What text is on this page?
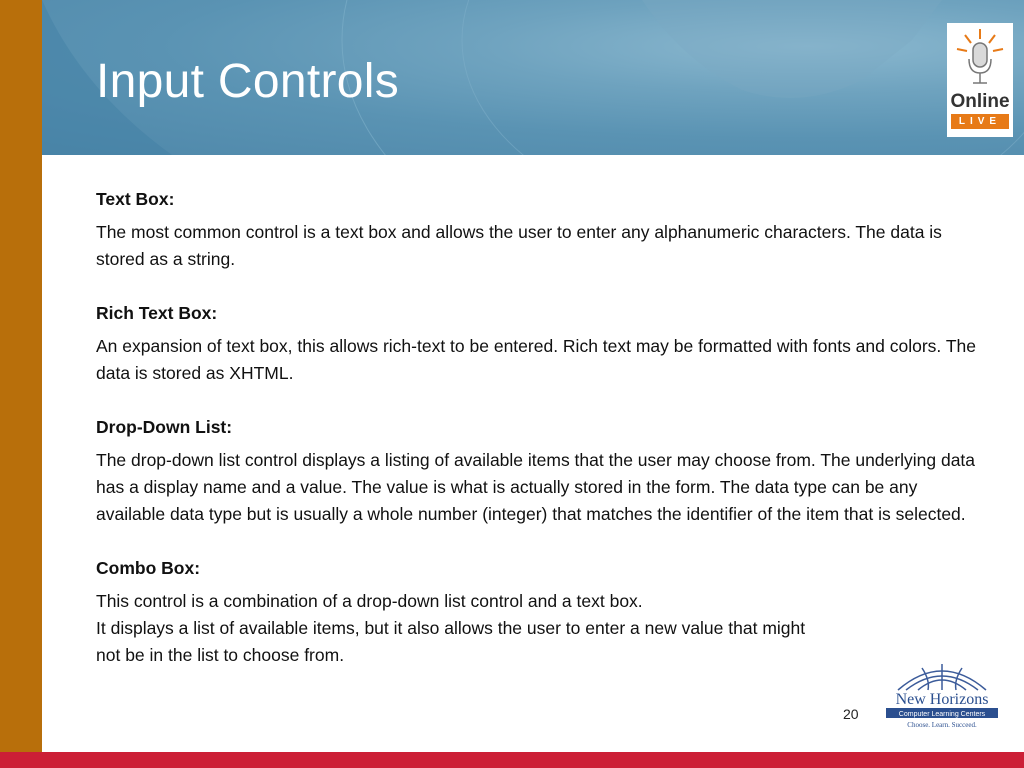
Input Controls	Online
LIVE
Text Box:

The most common control is a text box and allows the user to enter any alphanumeric characters. The data is stored as a string.

Rich Text Box:

An expansion of text box, this allows rich-text to be entered. Rich text may be formatted with fonts and colors. The data is stored as XHTML.

Drop-Down List:

The drop-down list control displays a listing of available items that the user may choose from. The underlying data has a display name and a value. The value is what is actually stored in the form. The data type can be any available data type but is usually a whole number (integer) that matches the identifier of the item that is selected.

Combo Box:

This control is a combination of a drop-down list control and a text box.

It displays a list of available items, but it also allows the user to enter a new value that might not be in the list to choose from.

20
New Horizons
Computer Learning Centers
Choose. Learn. Succeed.
